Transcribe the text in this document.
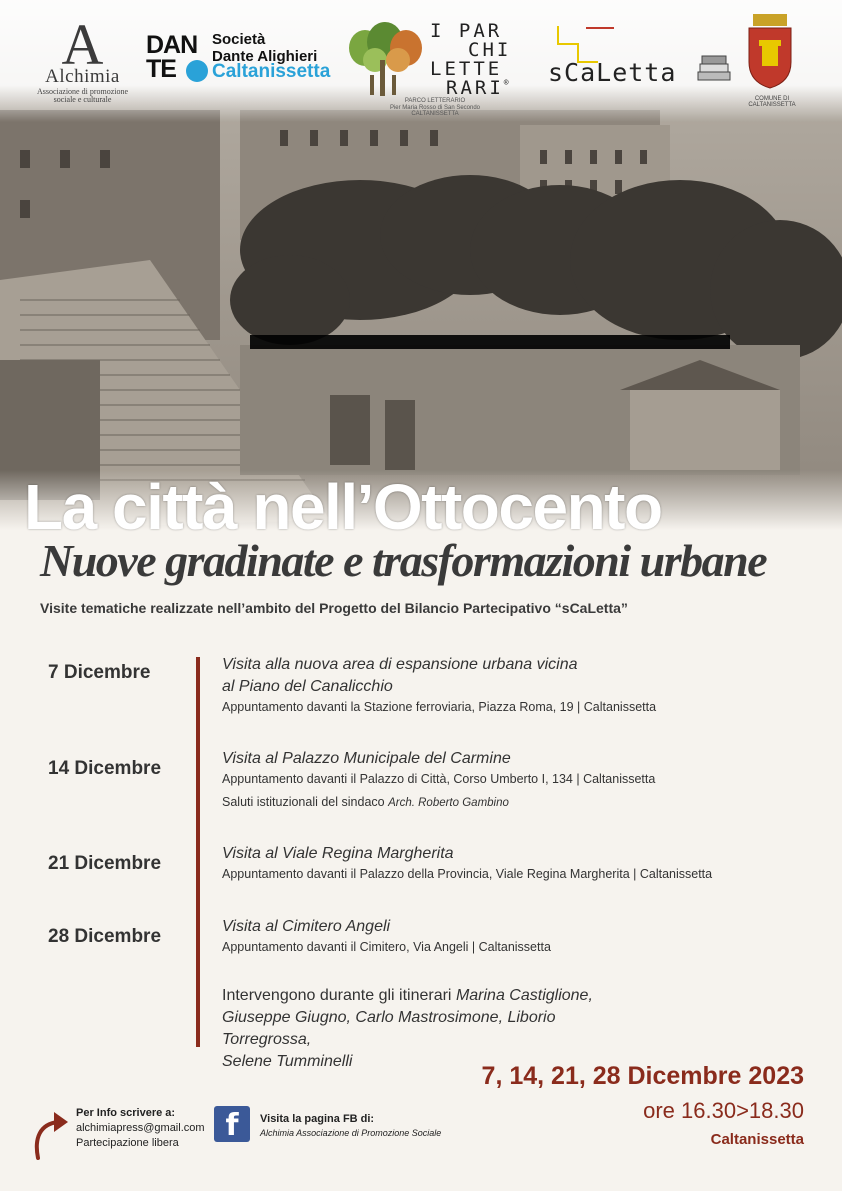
A
Alchimia
Associazione di promozione
sociale e culturale
DAN
TE
Società
Dante Alighieri
Caltanissetta
I PAR
CHI
LETTE
RARI®
PARCO LETTERARIO
Pier Maria Rosso di San Secondo
CALTANISSETTA
sCaLetta
COMUNE DI CALTANISSETTA
La città nell’Ottocento
Nuove gradinate e trasformazioni urbane
Visite tematiche realizzate nell’ambito del Progetto del Bilancio Partecipativo “sCaLetta”
7 Dicembre	Visita alla nuova area di espansione urbana vicina
al Piano del Canalicchio
Appuntamento davanti la Stazione ferroviaria, Piazza Roma, 19 | Caltanissetta
14 Dicembre	Visita al Palazzo Municipale del Carmine
Appuntamento davanti il Palazzo di Città, Corso Umberto I, 134 | Caltanissetta
Saluti istituzionali del sindaco Arch. Roberto Gambino
21 Dicembre	Visita al Viale Regina Margherita
Appuntamento davanti il Palazzo della Provincia, Viale Regina Margherita | Caltanissetta
28 Dicembre	Visita al Cimitero Angeli
Appuntamento davanti il Cimitero, Via Angeli | Caltanissetta
Intervengono durante gli itinerari Marina Castiglione,
Giuseppe Giugno, Carlo Mastrosimone, Liborio Torregrossa,
Selene Tumminelli
7, 14, 21, 28 Dicembre 2023
ore 16.30>18.30
Caltanissetta
Per Info scrivere a:
alchimiapress@gmail.com
Partecipazione libera	f	Visita la pagina FB di:
Alchimia Associazione di Promozione Sociale
